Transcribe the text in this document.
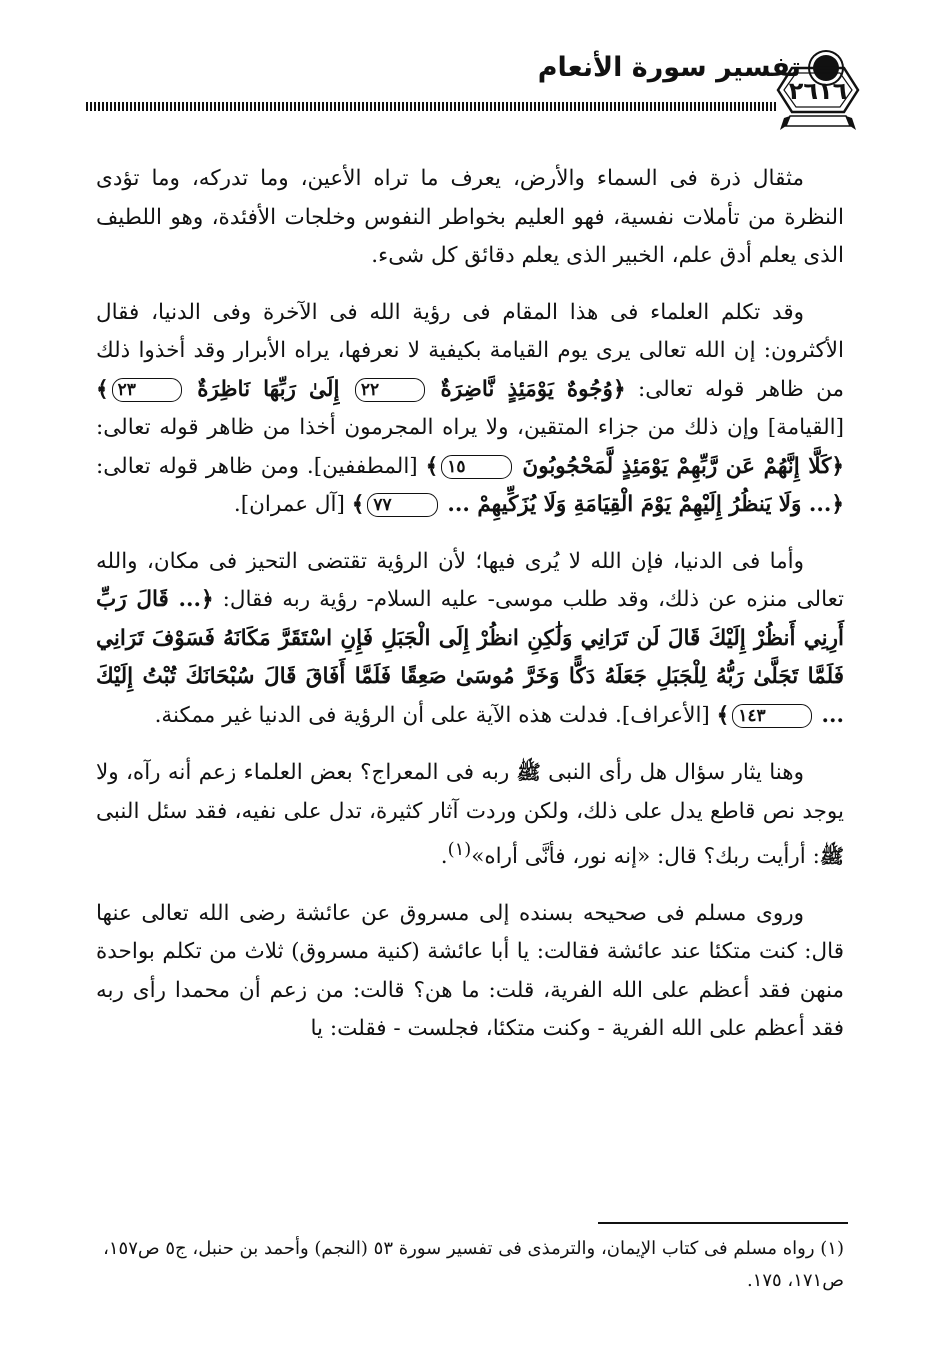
تفسير سورة الأنعام
٢٦١٦

مثقال ذرة فى السماء والأرض، يعرف ما تراه الأعين، وما تدركه، وما تؤدى النظرة من تأملات نفسية، فهو العليم بخواطر النفوس وخلجات الأفئدة، وهو اللطيف الذى يعلم أدق علم، الخبير الذى يعلم دقائق كل شىء.

وقد تكلم العلماء فى هذا المقام فى رؤية الله فى الآخرة وفى الدنيا، فقال الأكثرون: إن الله تعالى يرى يوم القيامة بكيفية لا نعرفها، يراه الأبرار وقد أخذوا ذلك من ظاهر قوله تعالى: ﴿وُجُوهٌ يَوْمَئِذٍ نَّاضِرَةٌ ٢٢ إِلَىٰ رَبِّهَا نَاظِرَةٌ ٢٣﴾ [القيامة] وإن ذلك من جزاء المتقين، ولا يراه المجرمون أخذا من ظاهر قوله تعالى: ﴿كَلَّا إِنَّهُمْ عَن رَّبِّهِمْ يَوْمَئِذٍ لَّمَحْجُوبُونَ ١٥﴾ [المطففين]. ومن ظاهر قوله تعالى: ﴿... وَلَا يَنظُرُ إِلَيْهِمْ يَوْمَ الْقِيَامَةِ وَلَا يُزَكِّيهِمْ ... ٧٧﴾ [آل عمران].

وأما فى الدنيا، فإن الله لا يُرى فيها؛ لأن الرؤية تقتضى التحيز فى مكان، والله تعالى منزه عن ذلك، وقد طلب موسى- عليه السلام- رؤية ربه فقال: ﴿... قَالَ رَبِّ أَرِنِي أَنظُرْ إِلَيْكَ قَالَ لَن تَرَانِي وَلَٰكِنِ انظُرْ إِلَى الْجَبَلِ فَإِنِ اسْتَقَرَّ مَكَانَهُ فَسَوْفَ تَرَانِي فَلَمَّا تَجَلَّىٰ رَبُّهُ لِلْجَبَلِ جَعَلَهُ دَكًّا وَخَرَّ مُوسَىٰ صَعِقًا فَلَمَّا أَفَاقَ قَالَ سُبْحَانَكَ تُبْتُ إِلَيْكَ ... ١٤٣﴾ [الأعراف]. فدلت هذه الآية على أن الرؤية فى الدنيا غير ممكنة.

وهنا يثار سؤال هل رأى النبى ﷺ ربه فى المعراج؟ بعض العلماء زعم أنه رآه، ولا يوجد نص قاطع يدل على ذلك، ولكن وردت آثار كثيرة، تدل على نفيه، فقد سئل النبى ﷺ: أرأيت ربك؟ قال: «إنه نور، فأنَّى أراه»$^{(١)}$.

وروى مسلم فى صحيحه بسنده إلى مسروق عن عائشة رضى الله تعالى عنها قال: كنت متكئا عند عائشة فقالت: يا أبا عائشة (كنية مسروق) ثلاث من تكلم بواحدة منهن فقد أعظم على الله الفرية، قلت: ما هن؟ قالت: من زعم أن محمدا رأى ربه فقد أعظم على الله الفرية - وكنت متكئا، فجلست - فقلت: يا

(١) رواه مسلم فى كتاب الإيمان، والترمذى فى تفسير سورة ٥٣ (النجم) وأحمد بن حنبل، ج٥ ص١٥٧، ص١٧١، ١٧٥.
